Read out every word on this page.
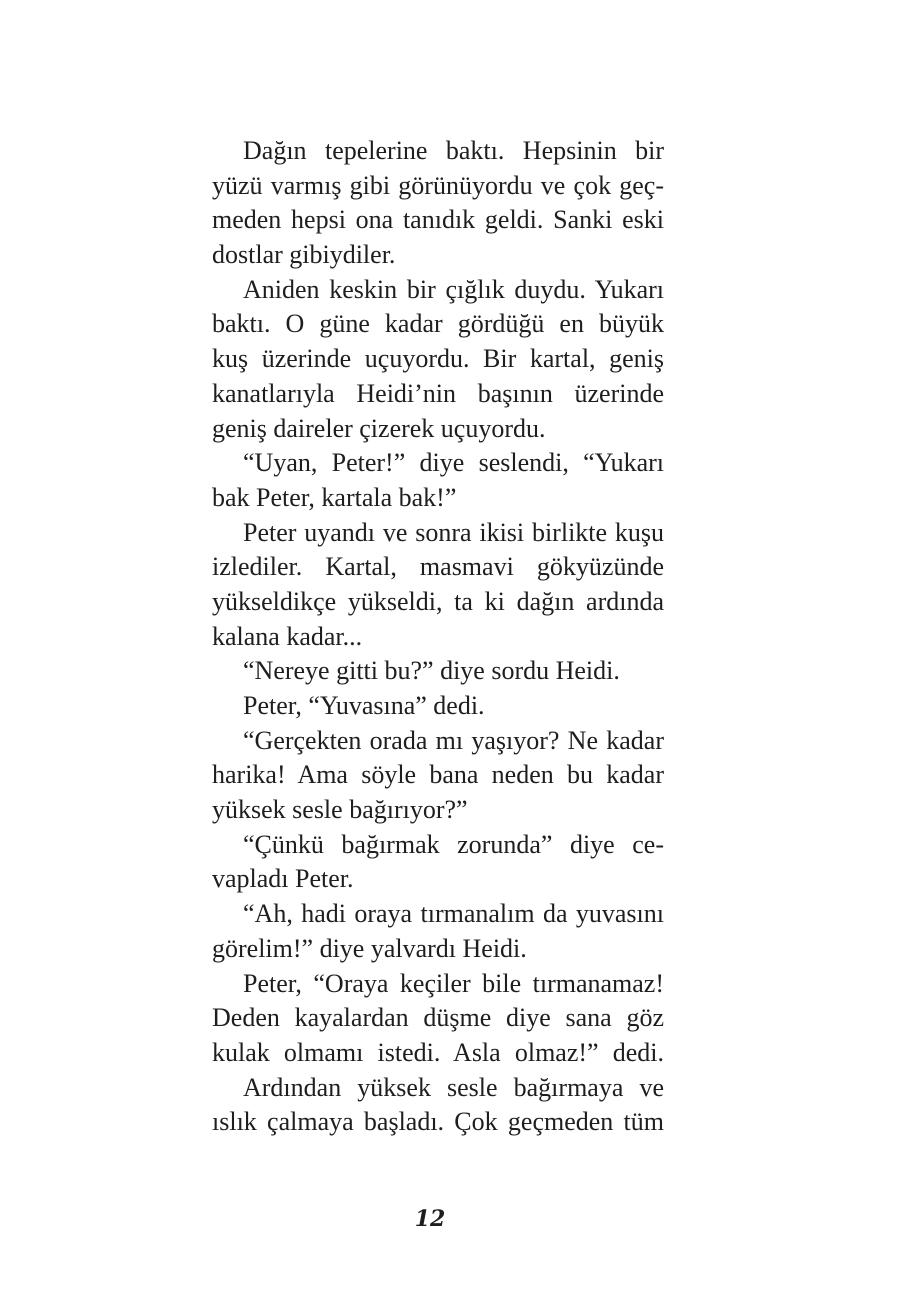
Dağın tepelerine baktı. Hepsinin bir
yüzü varmış gibi görünüyordu ve çok geç-
meden hepsi ona tanıdık geldi. Sanki eski
dostlar gibiydiler.
Aniden keskin bir çığlık duydu. Yukarı
baktı. O güne kadar gördüğü en büyük
kuş üzerinde uçuyordu. Bir kartal, geniş
kanatlarıyla Heidi’nin başının üzerinde
geniş daireler çizerek uçuyordu.
“Uyan, Peter!” diye seslendi, “Yukarı
bak Peter, kartala bak!”
Peter uyandı ve sonra ikisi birlikte kuşu
izlediler. Kartal, masmavi gökyüzünde
yükseldikçe yükseldi, ta ki dağın ardında
kalana kadar...
“Nereye gitti bu?” diye sordu Heidi.
Peter, “Yuvasına” dedi.
“Gerçekten orada mı yaşıyor? Ne kadar
harika! Ama söyle bana neden bu kadar
yüksek sesle bağırıyor?”
“Çünkü bağırmak zorunda” diye ce-
vapladı Peter.
“Ah, hadi oraya tırmanalım da yuvasını
görelim!” diye yalvardı Heidi.
Peter, “Oraya keçiler bile tırmanamaz!
Deden kayalardan düşme diye sana göz
kulak olmamı istedi. Asla olmaz!” dedi.
Ardından yüksek sesle bağırmaya ve
ıslık çalmaya başladı. Çok geçmeden tüm
12
